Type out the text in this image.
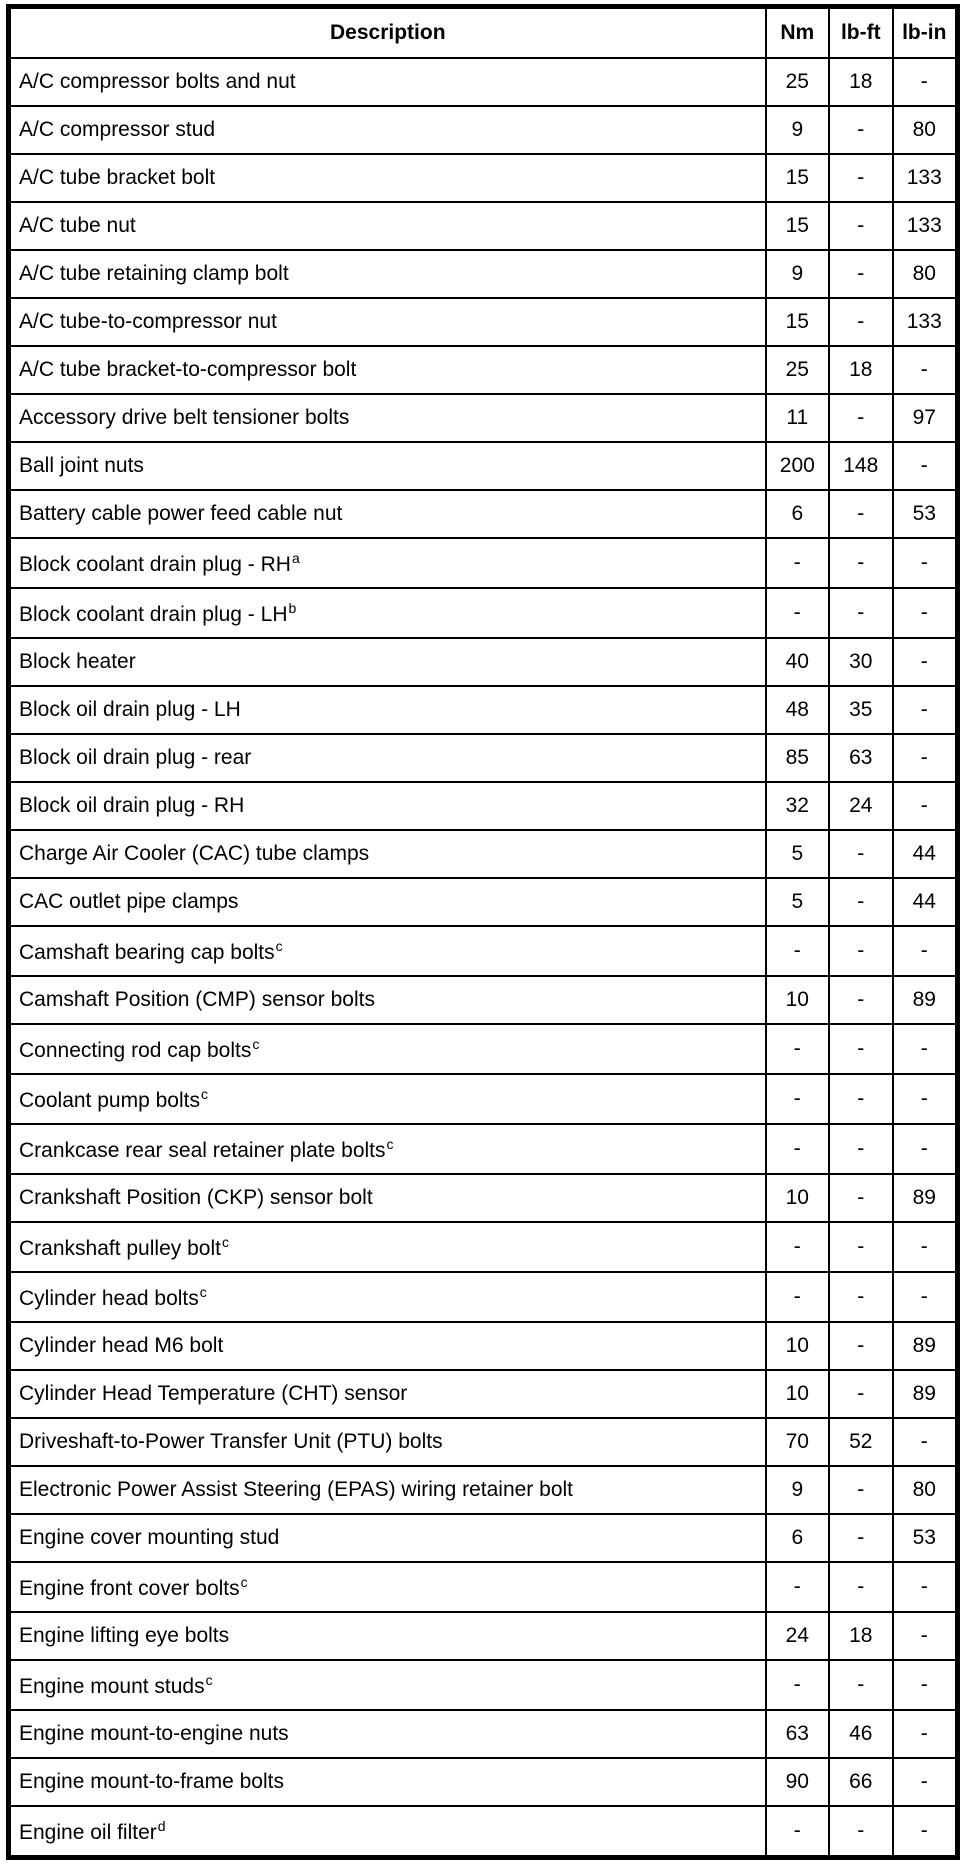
Description	Nm	lb-ft	lb-in
A/C compressor bolts and nut	25	18	-
A/C compressor stud	9	-	80
A/C tube bracket bolt	15	-	133
A/C tube nut	15	-	133
A/C tube retaining clamp bolt	9	-	80
A/C tube-to-compressor nut	15	-	133
A/C tube bracket-to-compressor bolt	25	18	-
Accessory drive belt tensioner bolts	11	-	97
Ball joint nuts	200	148	-
Battery cable power feed cable nut	6	-	53
Block coolant drain plug - RH$^a$	-	-	-
Block coolant drain plug - LH$^b$	-	-	-
Block heater	40	30	-
Block oil drain plug - LH	48	35	-
Block oil drain plug - rear	85	63	-
Block oil drain plug - RH	32	24	-
Charge Air Cooler (CAC) tube clamps	5	-	44
CAC outlet pipe clamps	5	-	44
Camshaft bearing cap bolts$^c$	-	-	-
Camshaft Position (CMP) sensor bolts	10	-	89
Connecting rod cap bolts$^c$	-	-	-
Coolant pump bolts$^c$	-	-	-
Crankcase rear seal retainer plate bolts$^c$	-	-	-
Crankshaft Position (CKP) sensor bolt	10	-	89
Crankshaft pulley bolt$^c$	-	-	-
Cylinder head bolts$^c$	-	-	-
Cylinder head M6 bolt	10	-	89
Cylinder Head Temperature (CHT) sensor	10	-	89
Driveshaft-to-Power Transfer Unit (PTU) bolts	70	52	-
Electronic Power Assist Steering (EPAS) wiring retainer bolt	9	-	80
Engine cover mounting stud	6	-	53
Engine front cover bolts$^c$	-	-	-
Engine lifting eye bolts	24	18	-
Engine mount studs$^c$	-	-	-
Engine mount-to-engine nuts	63	46	-
Engine mount-to-frame bolts	90	66	-
Engine oil filter$^d$	-	-	-
